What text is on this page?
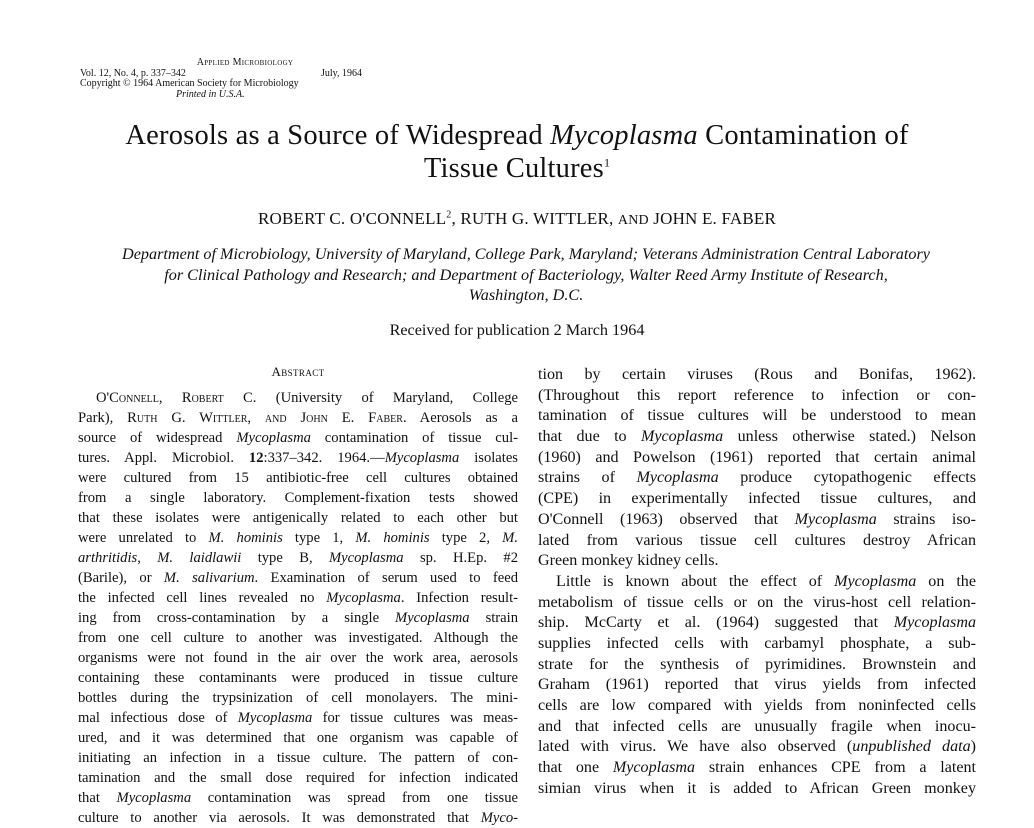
Applied Microbiology
Vol. 12, No. 4, p. 337–342	July, 1964
Copyright © 1964 American Society for Microbiology
Printed in U.S.A.
Aerosols as a Source of Widespread Mycoplasma Contamination of
Tissue Cultures$^1$
ROBERT C. O'CONNELL$^2$, RUTH G. WITTLER, AND JOHN E. FABER
Department of Microbiology, University of Maryland, College Park, Maryland; Veterans Administration Central Laboratory
for Clinical Pathology and Research; and Department of Bacteriology, Walter Reed Army Institute of Research,
Washington, D.C.
Received for publication 2 March 1964
Abstract
O'Connell, Robert C. (University of Maryland, College
Park), Ruth G. Wittler, and John E. Faber. Aerosols as a
source of widespread Mycoplasma contamination of tissue cul-
tures. Appl. Microbiol. 12:337–342. 1964.—Mycoplasma isolates
were cultured from 15 antibiotic-free cell cultures obtained
from a single laboratory. Complement-fixation tests showed
that these isolates were antigenically related to each other but
were unrelated to M. hominis type 1, M. hominis type 2, M.
arthritidis, M. laidlawii type B, Mycoplasma sp. H.Ep. #2
(Barile), or M. salivarium. Examination of serum used to feed
the infected cell lines revealed no Mycoplasma. Infection result-
ing from cross-contamination by a single Mycoplasma strain
from one cell culture to another was investigated. Although the
organisms were not found in the air over the work area, aerosols
containing these contaminants were produced in tissue culture
bottles during the trypsinization of cell monolayers. The mini-
mal infectious dose of Mycoplasma for tissue cultures was meas-
ured, and it was determined that one organism was capable of
initiating an infection in a tissue culture. The pattern of con-
tamination and the small dose required for infection indicated
that Mycoplasma contamination was spread from one tissue
culture to another via aerosols. It was demonstrated that Myco-
tion by certain viruses (Rous and Bonifas, 1962).
(Throughout this report reference to infection or con-
tamination of tissue cultures will be understood to mean
that due to Mycoplasma unless otherwise stated.) Nelson
(1960) and Powelson (1961) reported that certain animal
strains of Mycoplasma produce cytopathogenic effects
(CPE) in experimentally infected tissue cultures, and
O'Connell (1963) observed that Mycoplasma strains iso-
lated from various tissue cell cultures destroy African
Green monkey kidney cells.
Little is known about the effect of Mycoplasma on the
metabolism of tissue cells or on the virus-host cell relation-
ship. McCarty et al. (1964) suggested that Mycoplasma
supplies infected cells with carbamyl phosphate, a sub-
strate for the synthesis of pyrimidines. Brownstein and
Graham (1961) reported that virus yields from infected
cells are low compared with yields from noninfected cells
and that infected cells are unusually fragile when inocu-
lated with virus. We have also observed (unpublished data)
that one Mycoplasma strain enhances CPE from a latent
simian virus when it is added to African Green monkey
